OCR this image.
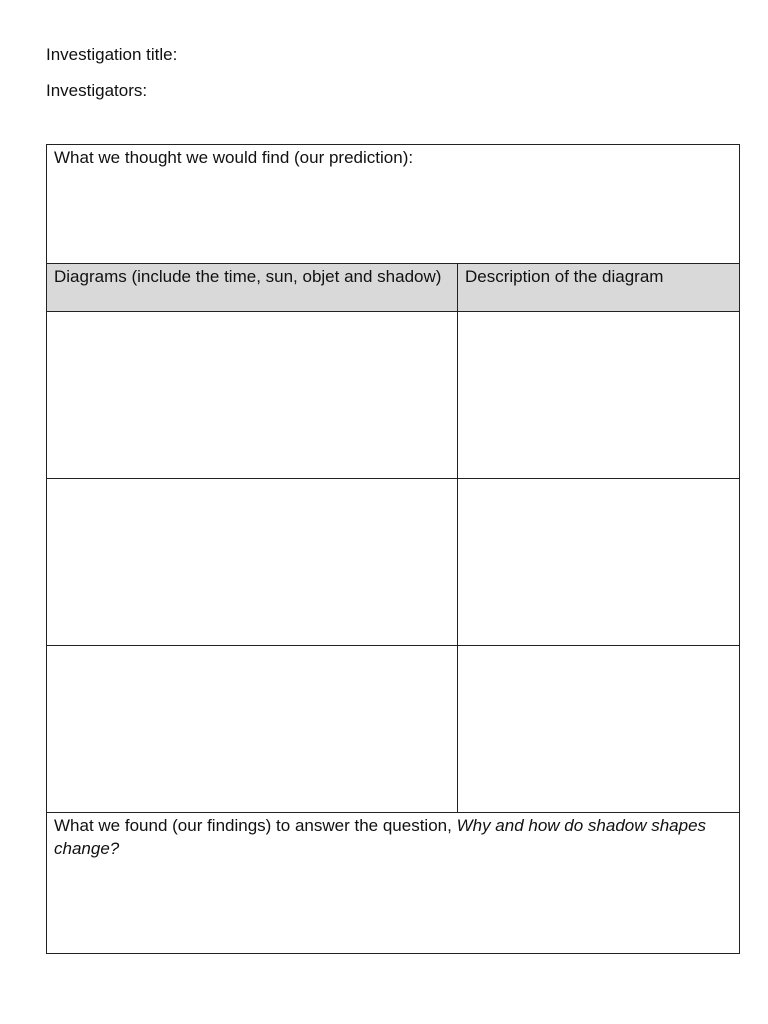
Investigation title:
Investigators:
What we thought we would find (our prediction):
Diagrams (include the time, sun, objet and shadow)	Description of the diagram
What we found (our findings) to answer the question, Why and how do shadow shapes change?
